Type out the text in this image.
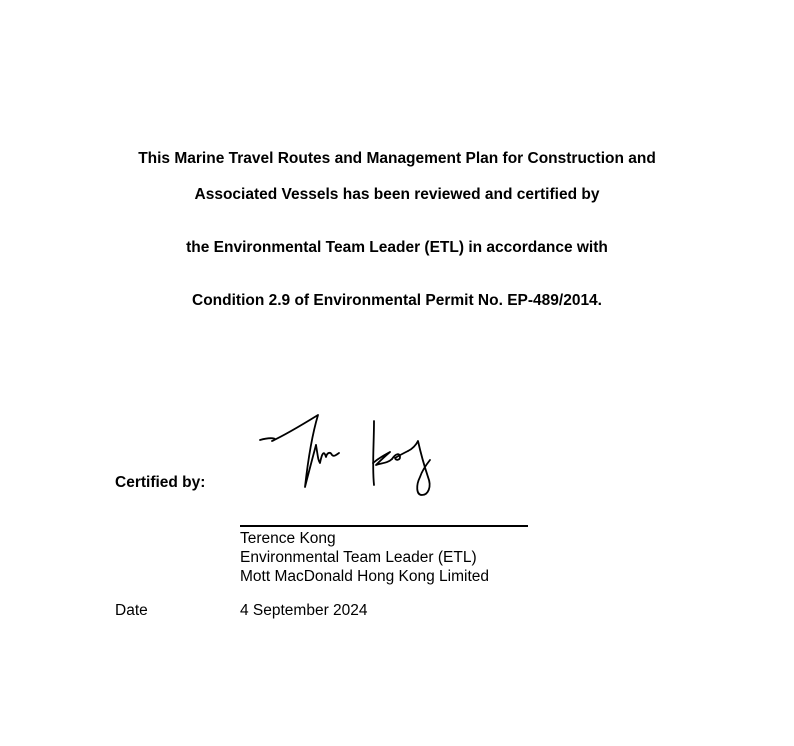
This Marine Travel Routes and Management Plan for Construction and
Associated Vessels has been reviewed and certified by
the Environmental Team Leader (ETL) in accordance with
Condition 2.9 of Environmental Permit No. EP-489/2014.
Certified by:
Terence Kong
Environmental Team Leader (ETL)
Mott MacDonald Hong Kong Limited
Date	4 September 2024
